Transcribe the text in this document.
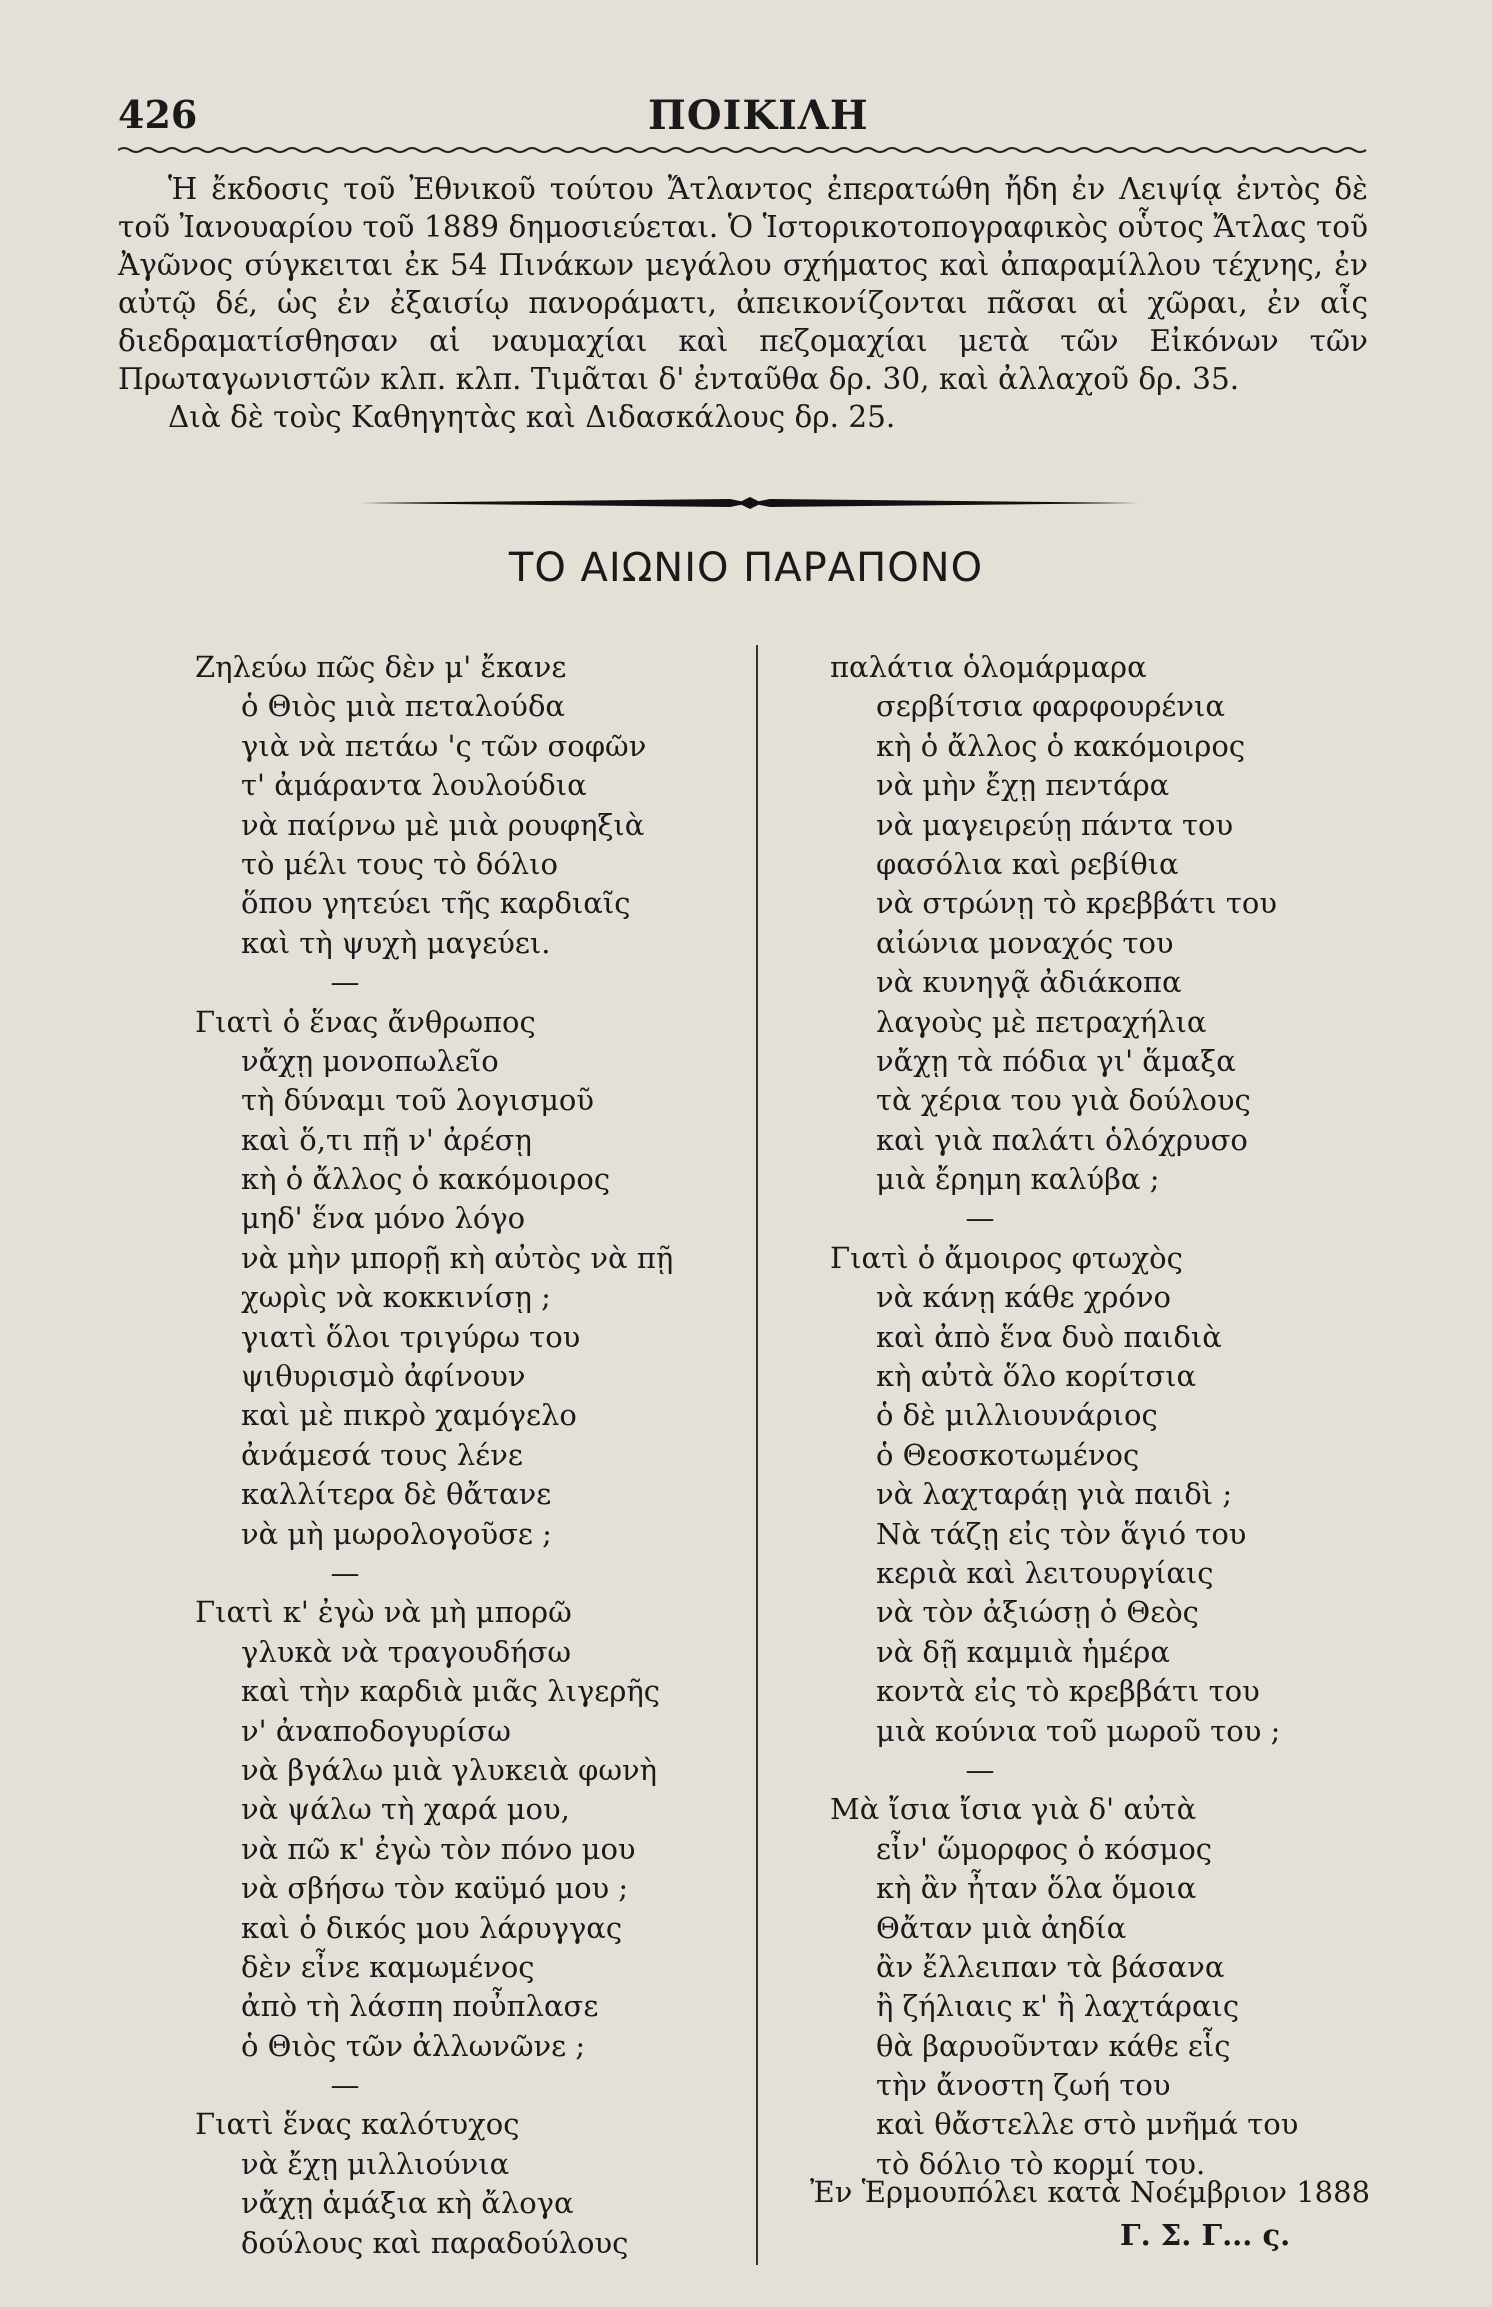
426	ΠΟΙΚΙΛΗ

Ἡ ἔκδοσις τοῦ Ἐθνικοῦ τούτου Ἄτλαντος ἐπερατώθη ἤδη ἐν Λειψίᾳ ἐντὸς δὲ τοῦ Ἰανουαρίου τοῦ 1889 δημοσιεύεται. Ὁ Ἱστορικοτοπογραφικὸς οὗτος Ἄτλας τοῦ Ἀγῶνος σύγκειται ἐκ 54 Πινάκων μεγάλου σχήματος καὶ ἀπαραμίλλου τέχνης, ἐν αὐτῷ δέ, ὡς ἐν ἐξαισίῳ πανοράματι, ἀπεικονίζονται πᾶσαι αἱ χῶραι, ἐν αἷς διεδραματίσθησαν αἱ ναυμαχίαι καὶ πεζομαχίαι μετὰ τῶν Εἰκόνων τῶν Πρωταγωνιστῶν κλπ. κλπ. Τιμᾶται δ' ἐνταῦθα δρ. 30, καὶ ἀλλαχοῦ δρ. 35.

Διὰ δὲ τοὺς Καθηγητὰς καὶ Διδασκάλους δρ. 25.

ΤΟ ΑΙΩΝΙΟ ΠΑΡΑΠΟΝΟ
Ζηλεύω πῶς δὲν μ' ἔκανε
ὁ Θιὸς μιὰ πεταλούδα
γιὰ νὰ πετάω 'ς τῶν σοφῶν
τ' ἀμάραντα λουλούδια
νὰ παίρνω μὲ μιὰ ρουφηξιὰ
τὸ μέλι τους τὸ δόλιο
ὅπου γητεύει τῆς καρδιαῖς
καὶ τὴ ψυχὴ μαγεύει.
—
Γιατὶ ὁ ἕνας ἄνθρωπος
νἄχῃ μονοπωλεῖο
τὴ δύναμι τοῦ λογισμοῦ
καὶ ὅ,τι πῇ ν' ἀρέσῃ
κὴ ὁ ἄλλος ὁ κακόμοιρος
μηδ' ἕνα μόνο λόγο
νὰ μὴν μπορῇ κὴ αὐτὸς νὰ πῇ
χωρὶς νὰ κοκκινίσῃ ;
γιατὶ ὅλοι τριγύρω του
ψιθυρισμὸ ἀφίνουν
καὶ μὲ πικρὸ χαμόγελο
ἀνάμεσά τους λένε
καλλίτερα δὲ θἄτανε
νὰ μὴ μωρολογοῦσε ;
—
Γιατὶ κ' ἐγὼ νὰ μὴ μπορῶ
γλυκὰ νὰ τραγουδήσω
καὶ τὴν καρδιὰ μιᾶς λιγερῆς
ν' ἀναποδογυρίσω
νὰ βγάλω μιὰ γλυκειὰ φωνὴ
νὰ ψάλω τὴ χαρά μου,
νὰ πῶ κ' ἐγὼ τὸν πόνο μου
νὰ σβήσω τὸν καϋμό μου ;
καὶ ὁ δικός μου λάρυγγας
δὲν εἶνε καμωμένος
ἀπὸ τὴ λάσπη ποὖπλασε
ὁ Θιὸς τῶν ἀλλωνῶνε ;
—
Γιατὶ ἕνας καλότυχος
νὰ ἔχῃ μιλλιούνια
νἄχῃ ἁμάξια κὴ ἄλογα
δούλους καὶ παραδούλους
παλάτια ὁλομάρμαρα
σερβίτσια φαρφουρένια
κὴ ὁ ἄλλος ὁ κακόμοιρος
νὰ μὴν ἔχῃ πεντάρα
νὰ μαγειρεύῃ πάντα του
φασόλια καὶ ρεβίθια
νὰ στρώνῃ τὸ κρεββάτι του
αἰώνια μοναχός του
νὰ κυνηγᾷ ἀδιάκοπα
λαγοὺς μὲ πετραχήλια
νἄχῃ τὰ πόδια γι' ἅμαξα
τὰ χέρια του γιὰ δούλους
καὶ γιὰ παλάτι ὁλόχρυσο
μιὰ ἔρημη καλύβα ;
—
Γιατὶ ὁ ἄμοιρος φτωχὸς
νὰ κάνῃ κάθε χρόνο
καὶ ἀπὸ ἕνα δυὸ παιδιὰ
κὴ αὐτὰ ὅλο κορίτσια
ὁ δὲ μιλλιουνάριος
ὁ Θεοσκοτωμένος
νὰ λαχταράῃ γιὰ παιδὶ ;
Νὰ τάζῃ εἰς τὸν ἅγιό του
κεριὰ καὶ λειτουργίαις
νὰ τὸν ἀξιώσῃ ὁ Θεὸς
νὰ δῇ καμμιὰ ἡμέρα
κοντὰ εἰς τὸ κρεββάτι του
μιὰ κούνια τοῦ μωροῦ του ;
—
Μὰ ἴσια ἴσια γιὰ δ' αὐτὰ
εἶν' ὥμορφος ὁ κόσμος
κὴ ἂν ἦταν ὅλα ὅμοια
Θἄταν μιὰ ἀηδία
ἂν ἔλλειπαν τὰ βάσανα
ἢ ζήλιαις κ' ἢ λαχτάραις
θὰ βαρυοῦνταν κάθε εἷς
τὴν ἄνοστη ζωή του
καὶ θἄστελλε στὸ μνῆμά του
τὸ δόλιο τὸ κορμί του.
Ἐν Ἑρμουπόλει κατὰ Νοέμβριον 1888
Γ. Σ. Γ... ς.
